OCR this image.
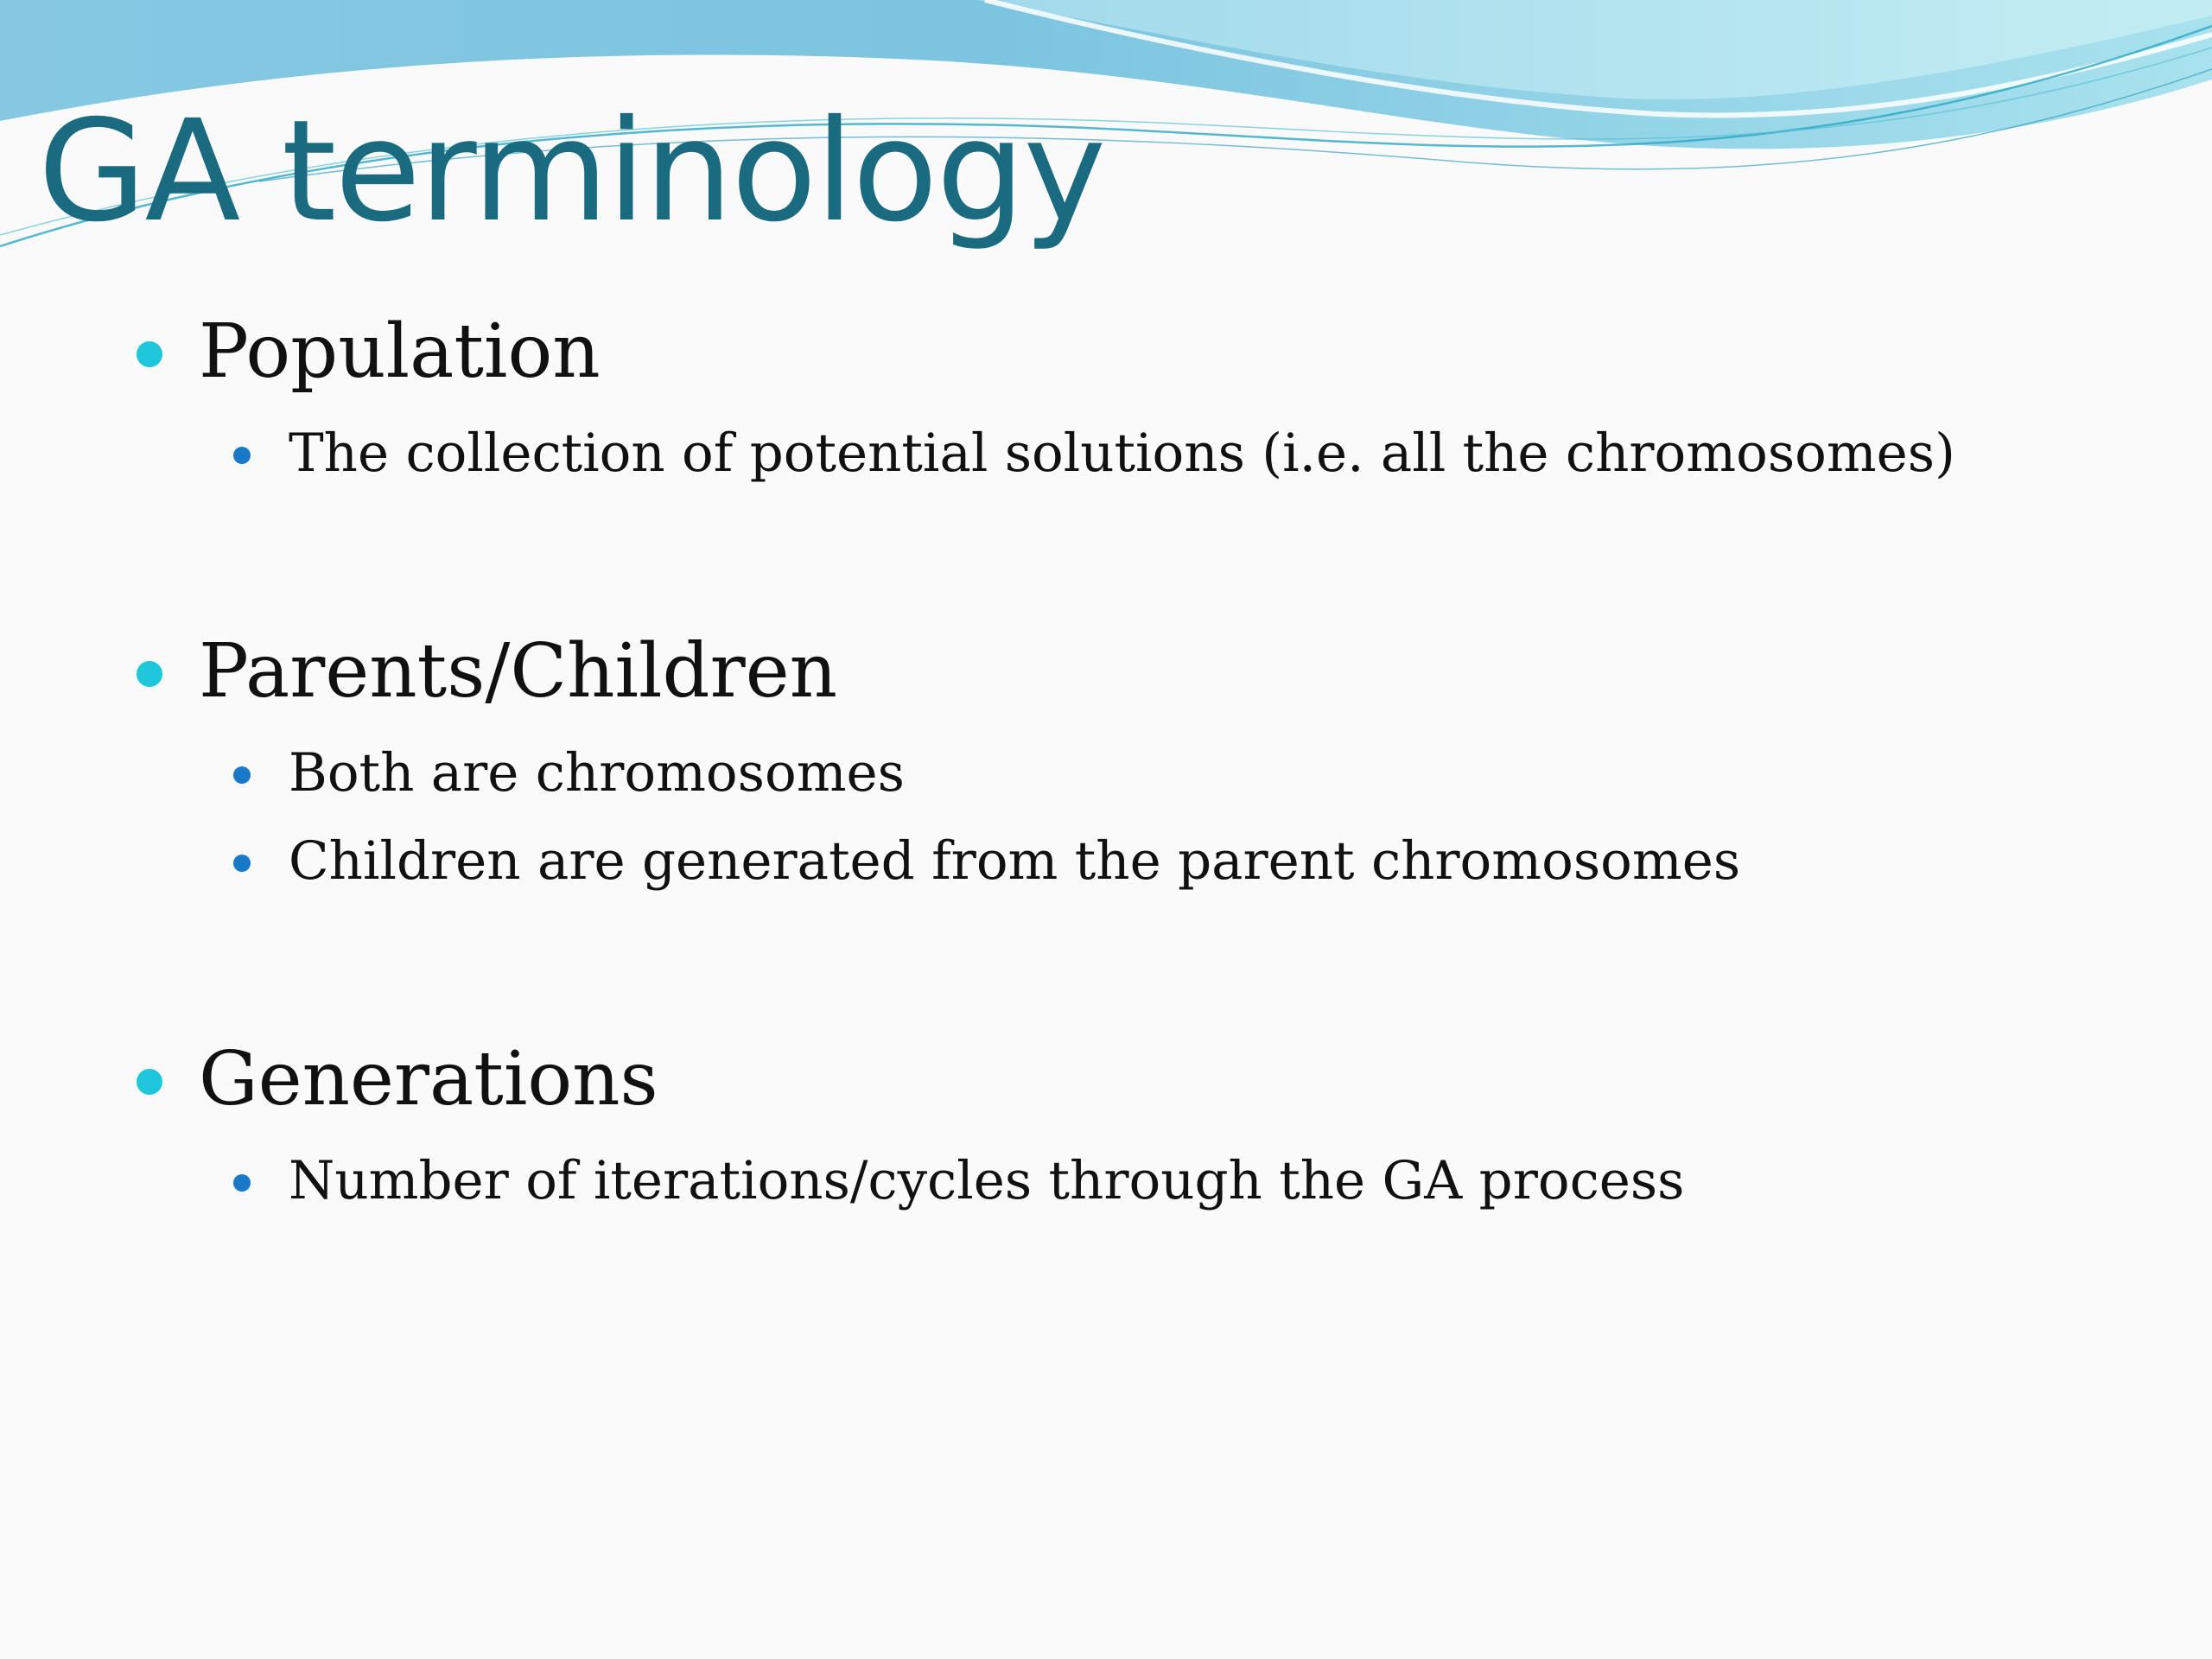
GA terminology

Population

The collection of potential solutions (i.e. all the chromosomes)

Parents/Children

Both are chromosomes

Children are generated from the parent chromosomes

Generations

Number of iterations/cycles through the GA process
